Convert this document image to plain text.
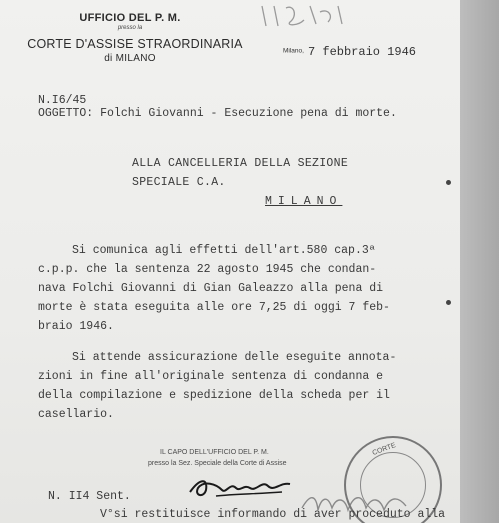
UFFICIO DEL P. M.
presso la
CORTE D'ASSISE STRAORDINARIA
di MILANO
Milano, 7 febbraio 1946
N.I6/45
OGGETTO: Folchi Giovanni - Esecuzione pena di morte.
ALLA CANCELLERIA DELLA SEZIONE
SPECIALE C.A.
MILANO
Si comunica agli effetti dell'art.580 cap.3ª
c.p.p. che la sentenza 22 agosto 1945 che condan-
nava Folchi Giovanni di Gian Galeazzo alla pena di
morte è stata eseguita alle ore 7,25 di oggi 7 feb-
braio 1946.
Si attende assicurazione delle eseguite annota-
zioni in fine all'originale sentenza di condanna e
della compilazione e spedizione della scheda per il
casellario.
IL CAPO DELL'UFFICIO DEL P. M.
presso la Sez. Speciale della Corte di Assise
CORTE
N. II4 Sent.
V°si restituisce informando di aver proceduto alla
